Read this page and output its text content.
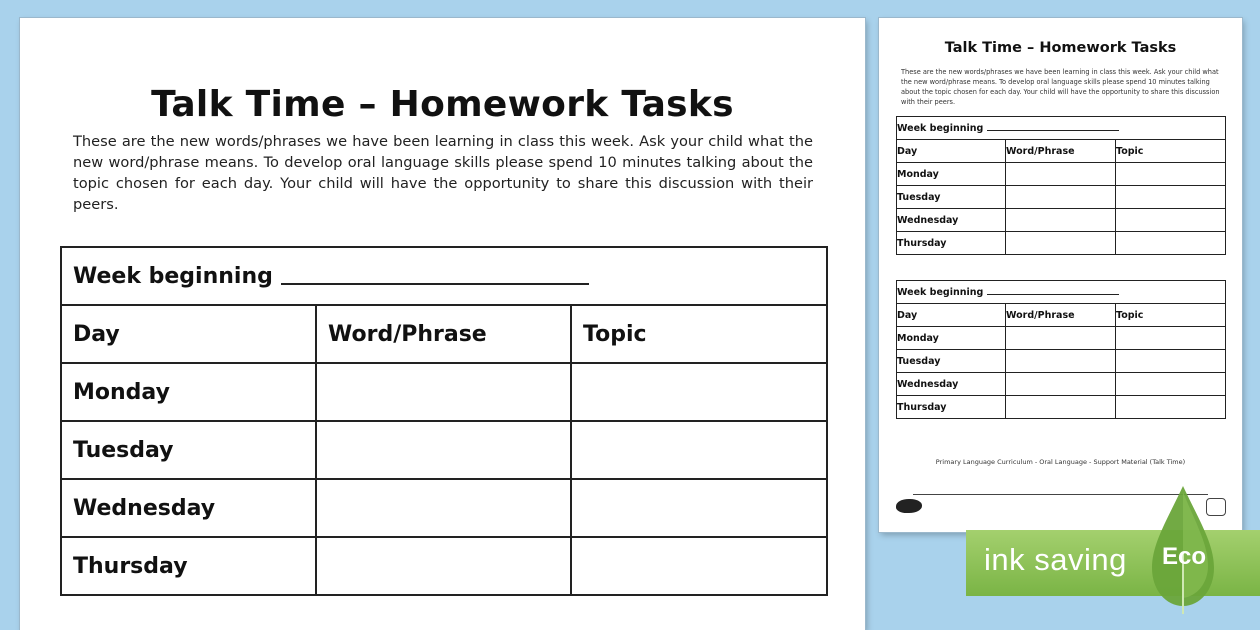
Talk Time – Homework Tasks
These are the new words/phrases we have been learning in class this week. Ask your child what the new word/phrase means. To develop oral language skills please spend 10 minutes talking about the topic chosen for each day. Your child will have the opportunity to share this discussion with their peers.
Week beginning		
Day	Word/Phrase	Topic
Monday		
Tuesday		
Wednesday		
Thursday		
Talk Time – Homework Tasks
These are the new words/phrases we have been learning in class this week. Ask your child what the new word/phrase means. To develop oral language skills please spend 10 minutes talking about the topic chosen for each day. Your child will have the opportunity to share this discussion with their peers.
Week beginning		
Day	Word/Phrase	Topic
Monday		
Tuesday		
Wednesday		
Thursday		
Week beginning		
Day	Word/Phrase	Topic
Monday		
Tuesday		
Wednesday		
Thursday		
Primary Language Curriculum - Oral Language - Support Material (Talk Time)
ink saving Eco
